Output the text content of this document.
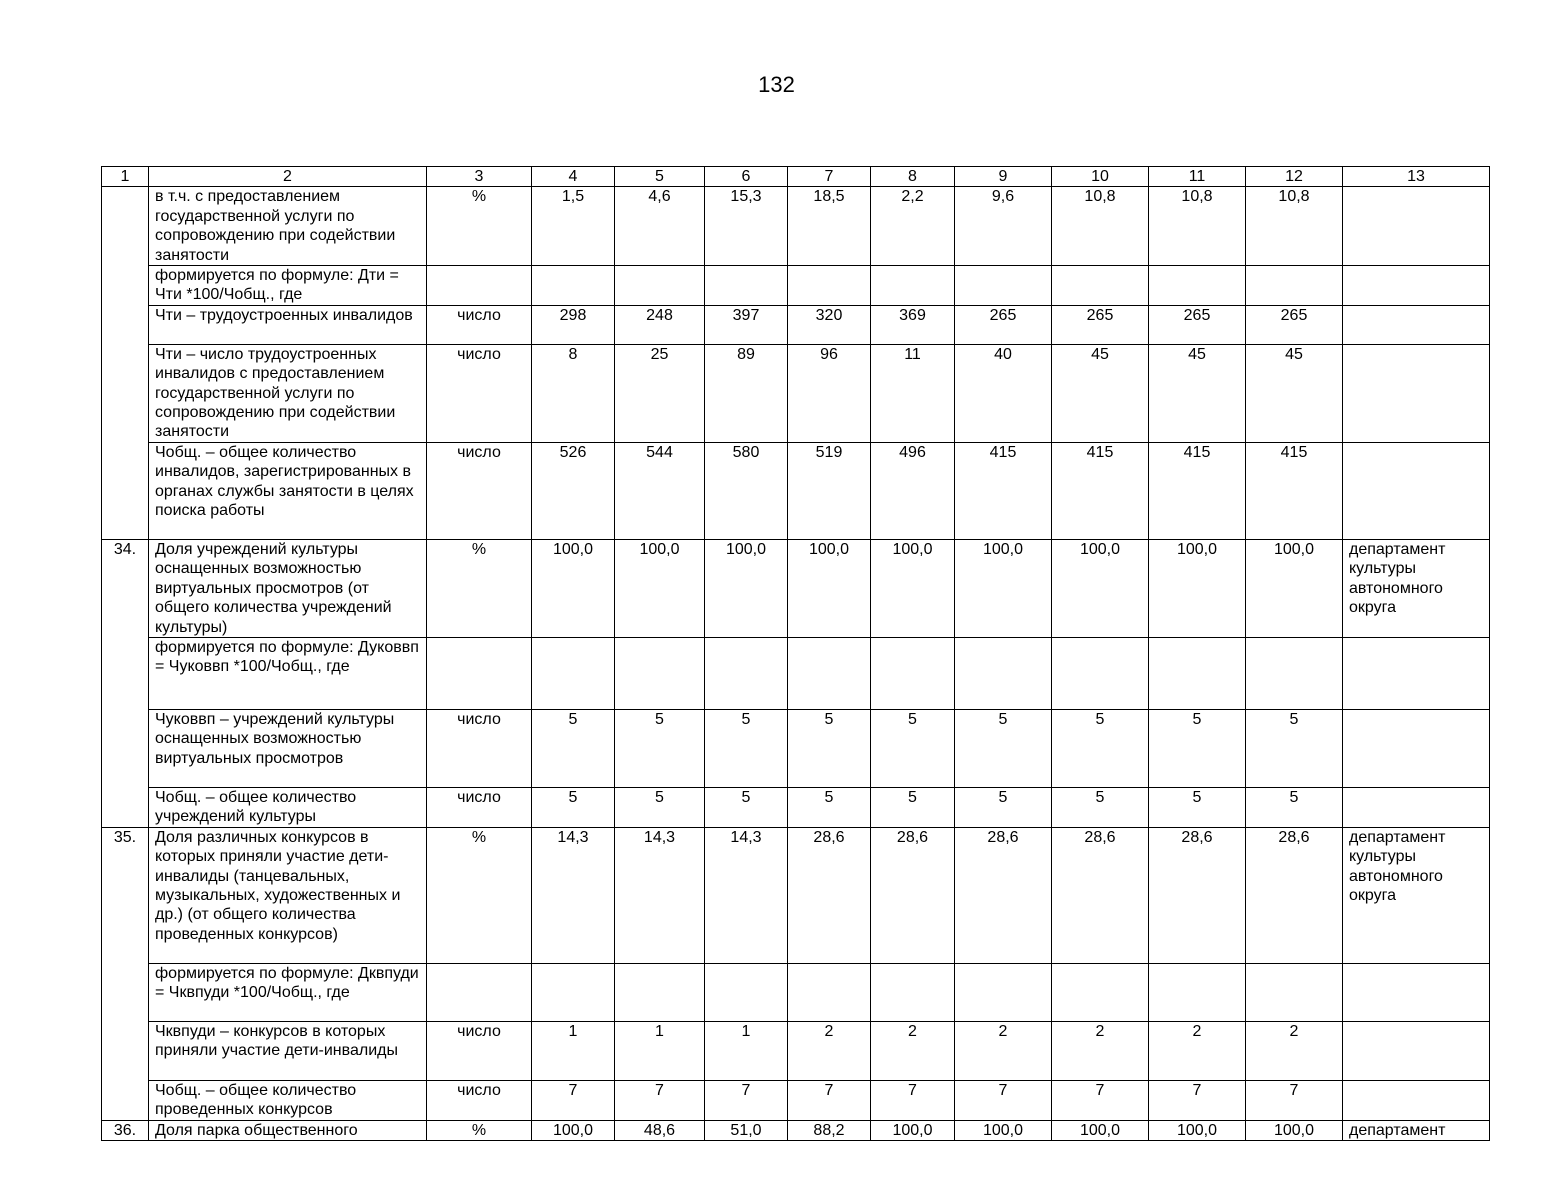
132
1	2	3	4	5	6	7	8	9	10	11	12	13
	в т.ч. с предоставлением государственной услуги по сопровождению при содействии занятости	%	1,5	4,6	15,3	18,5	2,2	9,6	10,8	10,8	10,8	
	формируется по формуле: Дти = Чти *100/Чобщ., где											
	Чти – трудоустроенных инвалидов	число	298	248	397	320	369	265	265	265	265	
	Чти – число трудоустроенных инвалидов с предоставлением государственной услуги по сопровождению при содействии занятости	число	8	25	89	96	11	40	45	45	45	
	Чобщ. – общее количество инвалидов, зарегистрированных в органах службы занятости в целях поиска работы	число	526	544	580	519	496	415	415	415	415	
34.	Доля учреждений культуры оснащенных возможностью виртуальных просмотров (от общего количества учреждений культуры)	%	100,0	100,0	100,0	100,0	100,0	100,0	100,0	100,0	100,0	департамент культуры автономного округа
	формируется по формуле: Дуковвп = Чуковвп *100/Чобщ., где											
	Чуковвп – учреждений культуры оснащенных возможностью виртуальных просмотров	число	5	5	5	5	5	5	5	5	5	
	Чобщ. – общее количество учреждений культуры	число	5	5	5	5	5	5	5	5	5	
35.	Доля различных конкурсов в которых приняли участие дети-инвалиды (танцевальных, музыкальных, художественных и др.) (от общего количества проведенных конкурсов)	%	14,3	14,3	14,3	28,6	28,6	28,6	28,6	28,6	28,6	департамент культуры автономного округа
	формируется по формуле: Дквпуди = Чквпуди *100/Чобщ., где											
	Чквпуди – конкурсов в которых приняли участие дети-инвалиды	число	1	1	1	2	2	2	2	2	2	
	Чобщ. – общее количество проведенных конкурсов	число	7	7	7	7	7	7	7	7	7	
36.	Доля парка общественного	%	100,0	48,6	51,0	88,2	100,0	100,0	100,0	100,0	100,0	департамент
